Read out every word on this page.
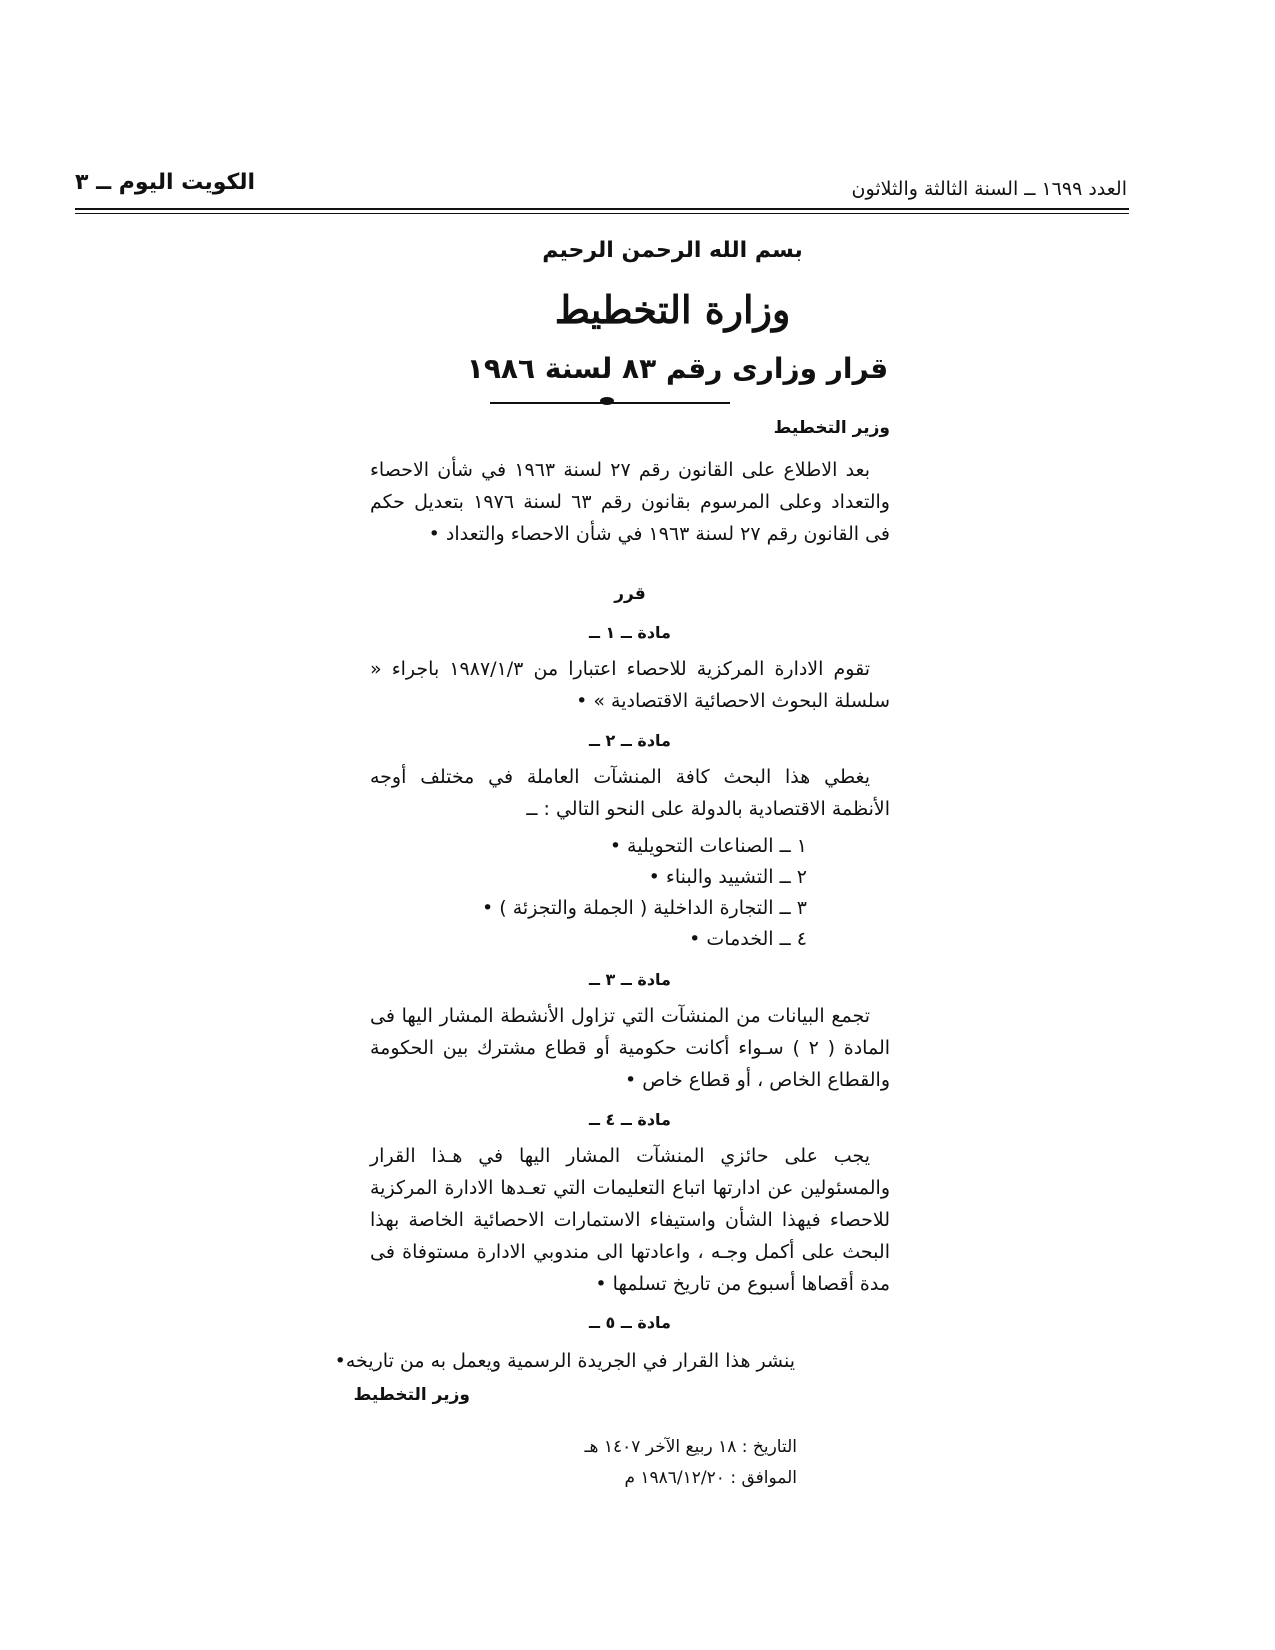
الكويت اليوم ــ ٣	العدد ١٦٩٩ ــ السنة الثالثة والثلاثون
بسم الله الرحمن الرحيم
وزارة التخطيط
قرار وزارى رقم ٨٣ لسنة ١٩٨٦
وزير التخطيط
بعد الاطلاع على القانون رقم ٢٧ لسنة ١٩٦٣ في شأن الاحصاء والتعداد وعلى المرسوم بقانون رقم ٦٣ لسنة ١٩٧٦ بتعديل حكم فى القانون رقم ٢٧ لسنة ١٩٦٣ في شأن الاحصاء والتعداد •
قرر
مادة ــ ١ ــ
تقوم الادارة المركزية للاحصاء اعتبارا من ١٩٨٧/١/٣ باجراء « سلسلة البحوث الاحصائية الاقتصادية » •
مادة ــ ٢ ــ
يغطي هذا البحث كافة المنشآت العاملة في مختلف أوجه الأنظمة الاقتصادية بالدولة على النحو التالي : ــ
١ ــ الصناعات التحويلية •
٢ ــ التشييد والبناء •
٣ ــ التجارة الداخلية ( الجملة والتجزئة ) •
٤ ــ الخدمات •
مادة ــ ٣ ــ
تجمع البيانات من المنشآت التي تزاول الأنشطة المشار اليها فى المادة ( ٢ ) سـواء أكانت حكومية أو قطاع مشترك بين الحكومة والقطاع الخاص ، أو قطاع خاص •
مادة ــ ٤ ــ
يجب على حائزي المنشآت المشار اليها في هـذا القرار والمسئولين عن ادارتها اتباع التعليمات التي تعـدها الادارة المركزية للاحصاء فيهذا الشأن واستيفاء الاستمارات الاحصائية الخاصة بهذا البحث على أكمل وجـه ، واعادتها الى مندوبي الادارة مستوفاة فى مدة أقصاها أسبوع من تاريخ تسلمها •
مادة ــ ٥ ــ
ينشر هذا القرار في الجريدة الرسمية ويعمل به من تاريخه•
وزير التخطيط
التاريخ : ١٨ ربيع الآخر ١٤٠٧ هـ
الموافق : ١٩٨٦/١٢/٢٠ م
